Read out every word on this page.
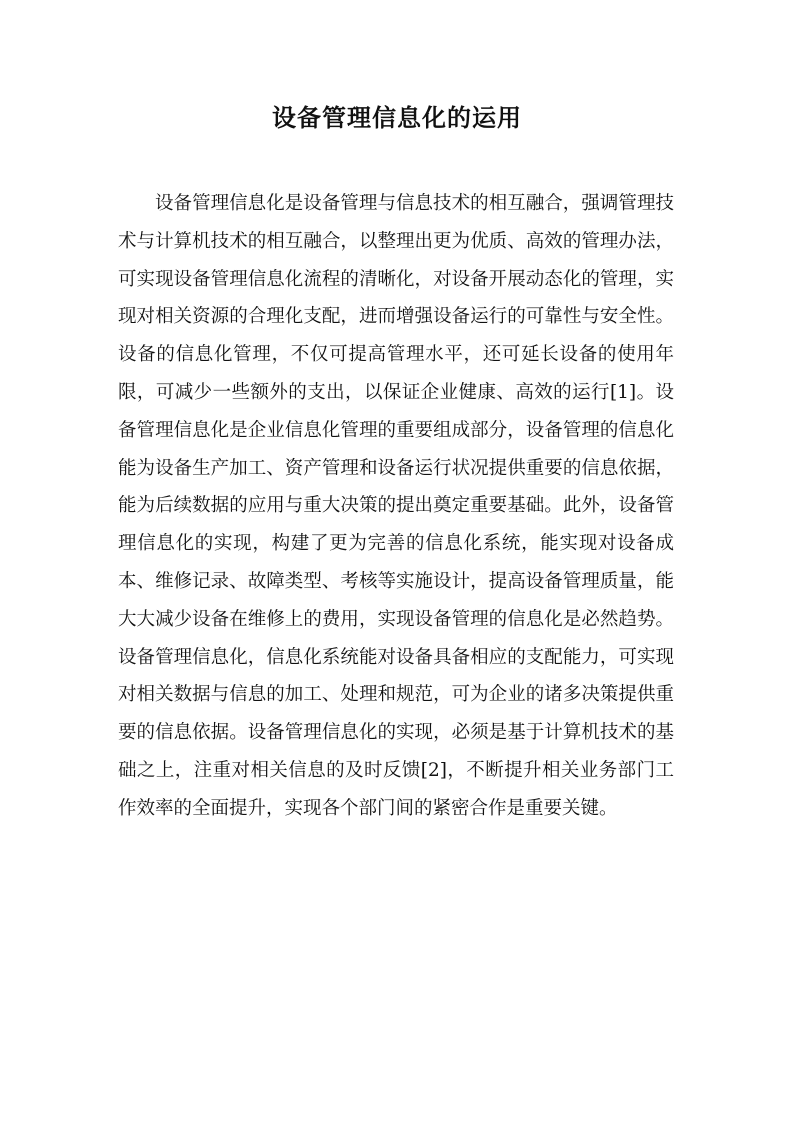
设备管理信息化的运用

设备管理信息化是设备管理与信息技术的相互融合，强调管理技术与计算机技术的相互融合，以整理出更为优质、高效的管理办法，可实现设备管理信息化流程的清晰化，对设备开展动态化的管理，实现对相关资源的合理化支配，进而增强设备运行的可靠性与安全性。设备的信息化管理，不仅可提高管理水平，还可延长设备的使用年限，可减少一些额外的支出，以保证企业健康、高效的运行[1]。设备管理信息化是企业信息化管理的重要组成部分，设备管理的信息化能为设备生产加工、资产管理和设备运行状况提供重要的信息依据，能为后续数据的应用与重大决策的提出奠定重要基础。此外，设备管理信息化的实现，构建了更为完善的信息化系统，能实现对设备成本、维修记录、故障类型、考核等实施设计，提高设备管理质量，能大大减少设备在维修上的费用，实现设备管理的信息化是必然趋势。设备管理信息化，信息化系统能对设备具备相应的支配能力，可实现对相关数据与信息的加工、处理和规范，可为企业的诸多决策提供重要的信息依据。设备管理信息化的实现，必须是基于计算机技术的基础之上，注重对相关信息的及时反馈[2]，不断提升相关业务部门工作效率的全面提升，实现各个部门间的紧密合作是重要关键。
